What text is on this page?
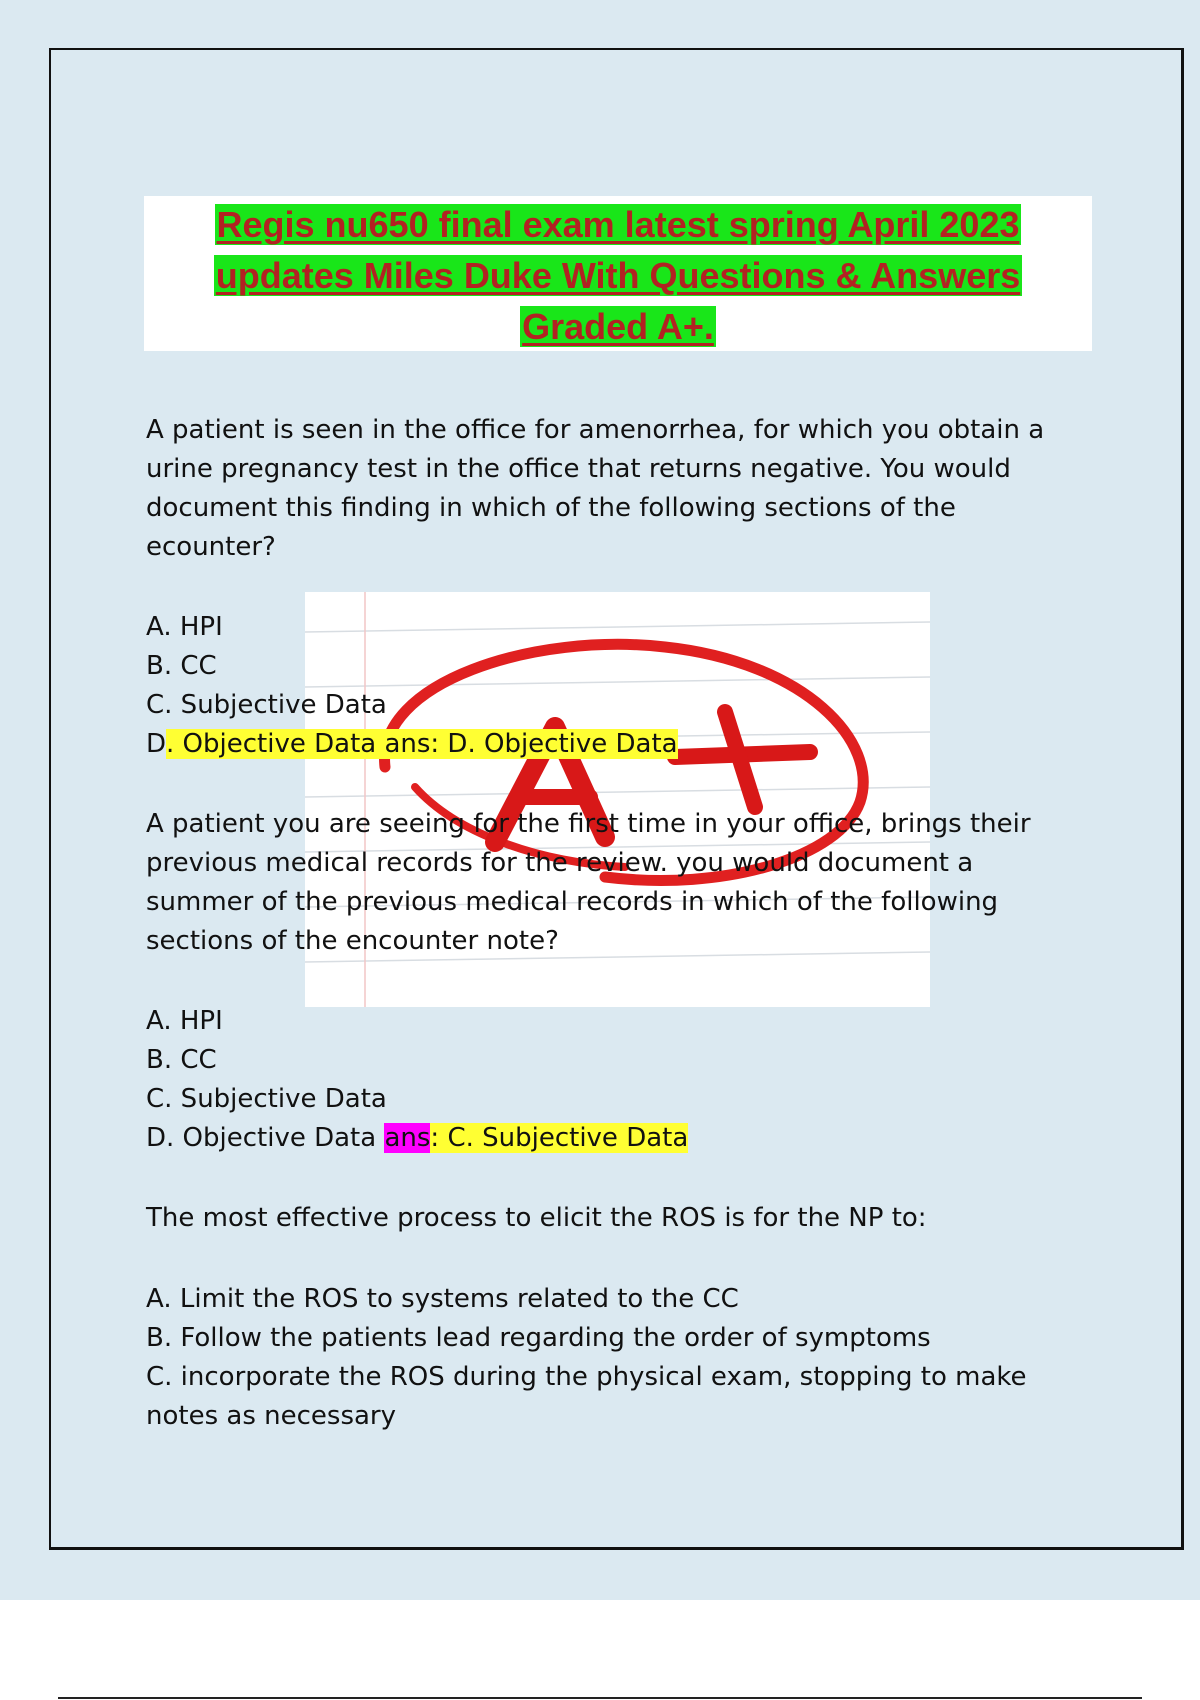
Regis nu650 final exam latest spring April 2023
updates Miles Duke With Questions & Answers
Graded A+.

A patient is seen in the office for amenorrhea, for which you obtain a urine pregnancy test in the office that returns negative. You would document this finding in which of the following sections of the ecounter?

A. HPI
B. CC
C. Subjective Data
D. Objective Data ans: D. Objective Data

A patient you are seeing for the first time in your office, brings their previous medical records for the review. you would document a summer of the previous medical records in which of the following sections of the encounter note?

A. HPI
B. CC
C. Subjective Data
D. Objective Data ans: C. Subjective Data

The most effective process to elicit the ROS is for the NP to:

A. Limit the ROS to systems related to the CC
B. Follow the patients lead regarding the order of symptoms
C. incorporate the ROS during the physical exam, stopping to make notes as necessary
